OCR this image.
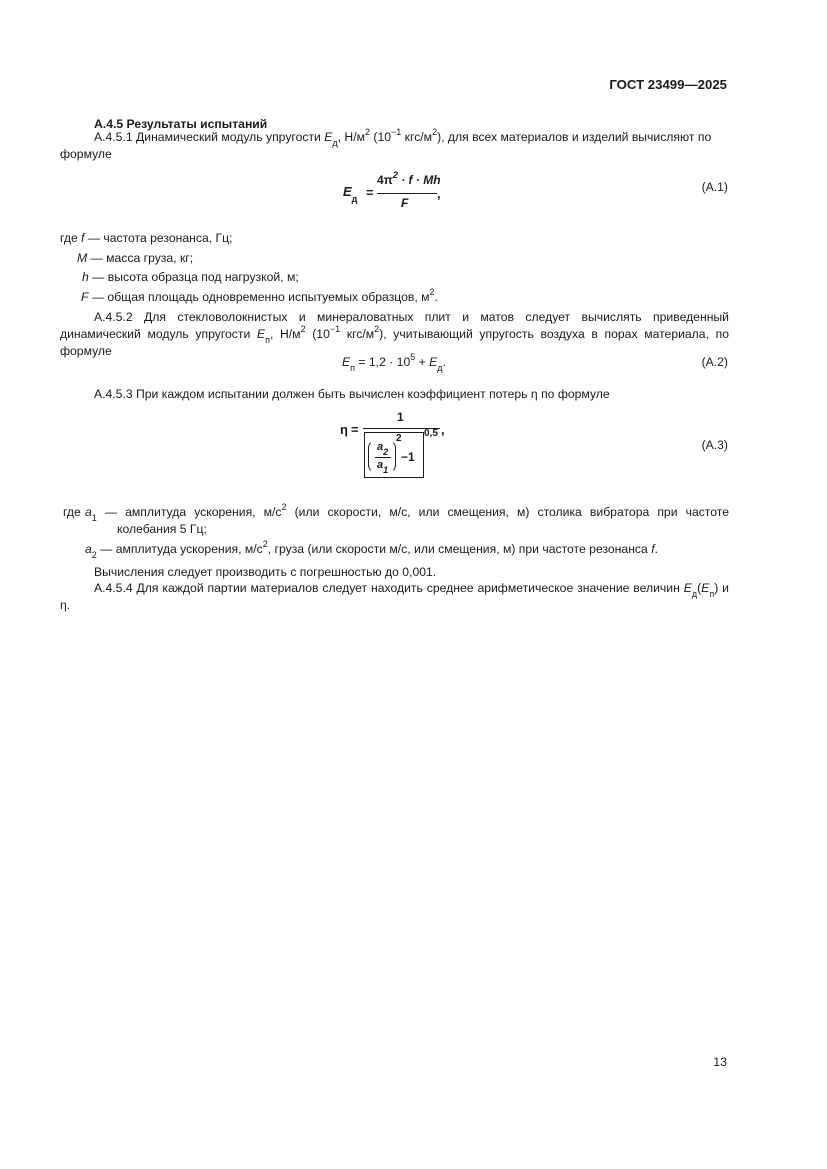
ГОСТ 23499—2025
А.4.5 Результаты испытаний
А.4.5.1 Динамический модуль упругости $E_д$, $Н/м^2$ ($10^{-1}$ кгс/$м^2$), для всех материалов и изделий вычисляют по формуле
$E_д$ =
$4\pi^2 \cdot f \cdot Mh$
F
,	(А.1)
где f — частота резонанса, Гц;
M — масса груза, кг;
h — высота образца под нагрузкой, м;
F — общая площадь одновременно испытуемых образцов, $м^2$.
А.4.5.2 Для стекловолокнистых и минераловатных плит и матов следует вычислять приведенный динамический модуль упругости $E_п$, $Н/м^2$ ($10^{-1}$ кгс/$м^2$), учитывающий упругость воздуха в порах материала, по формуле
$E_п = 1,2 \cdot 10^5 + E_д$.	(А.2)
А.4.5.3 При каждом испытании должен быть вычислен коэффициент потерь η по формуле
η =
1
$a_2$
$a_1$
2
−1
0,5 ,
(А.3)
где $a_1$ — амплитуда ускорения, $м/с^2$ (или скорости, м/с, или смещения, м) столика вибратора при частоте
колебания 5 Гц;
$a_2$ — амплитуда ускорения, $м/с^2$, груза (или скорости м/с, или смещения, м) при частоте резонанса f.
Вычисления следует производить с погрешностью до 0,001.
А.4.5.4 Для каждой партии материалов следует находить среднее арифметическое значение величин $E_д(E_п)$ и η.
13
